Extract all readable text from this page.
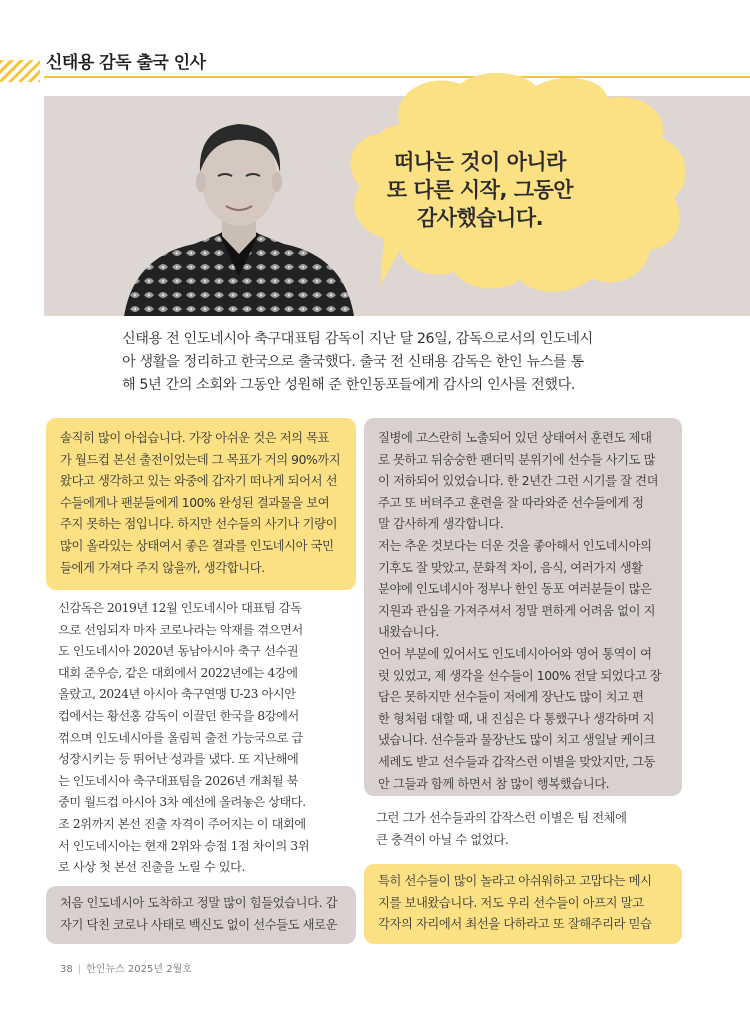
신태용 감독 출국 인사
떠나는 것이 아니라
또 다른 시작, 그동안
감사했습니다.
신태용 전 인도네시아 축구대표팀 감독이 지난 달 26일, 감독으로서의 인도네시
아 생활을 정리하고 한국으로 출국했다. 출국 전 신태용 감독은 한인 뉴스를 통
해 5년 간의 소회와 그동안 성원해 준 한인동포들에게 감사의 인사를 전했다.
솔직히 많이 아쉽습니다. 가장 아쉬운 것은 저의 목표
가 월드컵 본선 출전이었는데 그 목표가 거의 90%까지
왔다고 생각하고 있는 와중에 갑자기 떠나게 되어서 선
수들에게나 팬분들에게 100% 완성된 결과물을 보여
주지 못하는 점입니다. 하지만 선수들의 사기나 기량이
많이 올라있는 상태여서 좋은 결과를 인도네시아 국민
들에게 가져다 주지 않을까, 생각합니다.
신감독은 2019년 12월 인도네시아 대표팀 감독
으로 선임되자 마자 코로나라는 악재를 겪으면서
도 인도네시아 2020년 동남아시아 축구 선수권
대회 준우승, 같은 대회에서 2022년에는 4강에
올랐고, 2024년 아시아 축구연맹 U-23 아시안
컵에서는 황선홍 감독이 이끌던 한국을 8강에서
꺾으며 인도네시아를 올림픽 출전 가능국으로 급
성장시키는 등 뛰어난 성과를 냈다. 또 지난해에
는 인도네시아 축구대표팀을 2026년 개최될 북
중미 월드컵 아시아 3차 예선에 올려놓은 상태다.
조 2위까지 본선 진출 자격이 주어지는 이 대회에
서 인도네시아는 현재 2위와 승점 1점 차이의 3위
로 사상 첫 본선 진출을 노릴 수 있다.
처음 인도네시아 도착하고 정말 많이 힘들었습니다. 갑
자기 닥친 코로나 사태로 백신도 없이 선수들도 새로운
질병에 고스란히 노출되어 있던 상태여서 훈련도 제대
로 못하고 뒤숭숭한 팬더믹 분위기에 선수들 사기도 많
이 저하되어 있었습니다. 한 2년간 그런 시기를 잘 견뎌
주고 또 버텨주고 훈련을 잘 따라와준 선수들에게 정
말 감사하게 생각합니다.
저는 추운 것보다는 더운 것을 좋아해서 인도네시아의
기후도 잘 맞았고, 문화적 차이, 음식, 여러가지 생활
분야에 인도네시아 정부나 한인 동포 여러분들이 많은
지원과 관심을 가져주셔서 정말 편하게 어려움 없이 지
내왔습니다.
언어 부분에 있어서도 인도네시아어와 영어 통역이 여
럿 있었고, 제 생각을 선수들이 100% 전달 되었다고 장
담은 못하지만 선수들이 저에게 장난도 많이 치고 편
한 형처럼 대할 때, 내 진심은 다 통했구나 생각하며 지
냈습니다. 선수들과 물장난도 많이 치고 생일날 케이크
세례도 받고 선수들과 갑작스런 이별을 맞았지만, 그동
안 그들과 함께 하면서 참 많이 행복했습니다.
그런 그가 선수들과의 갑작스런 이별은 팀 전체에
큰 충격이 아닐 수 없었다.
특히 선수들이 많이 놀라고 아쉬워하고 고맙다는 메시
지를 보내왔습니다. 저도 우리 선수들이 아프지 말고
각자의 자리에서 최선을 다하라고 또 잘해주리라 믿습
38 | 한인뉴스 2025년 2월호
